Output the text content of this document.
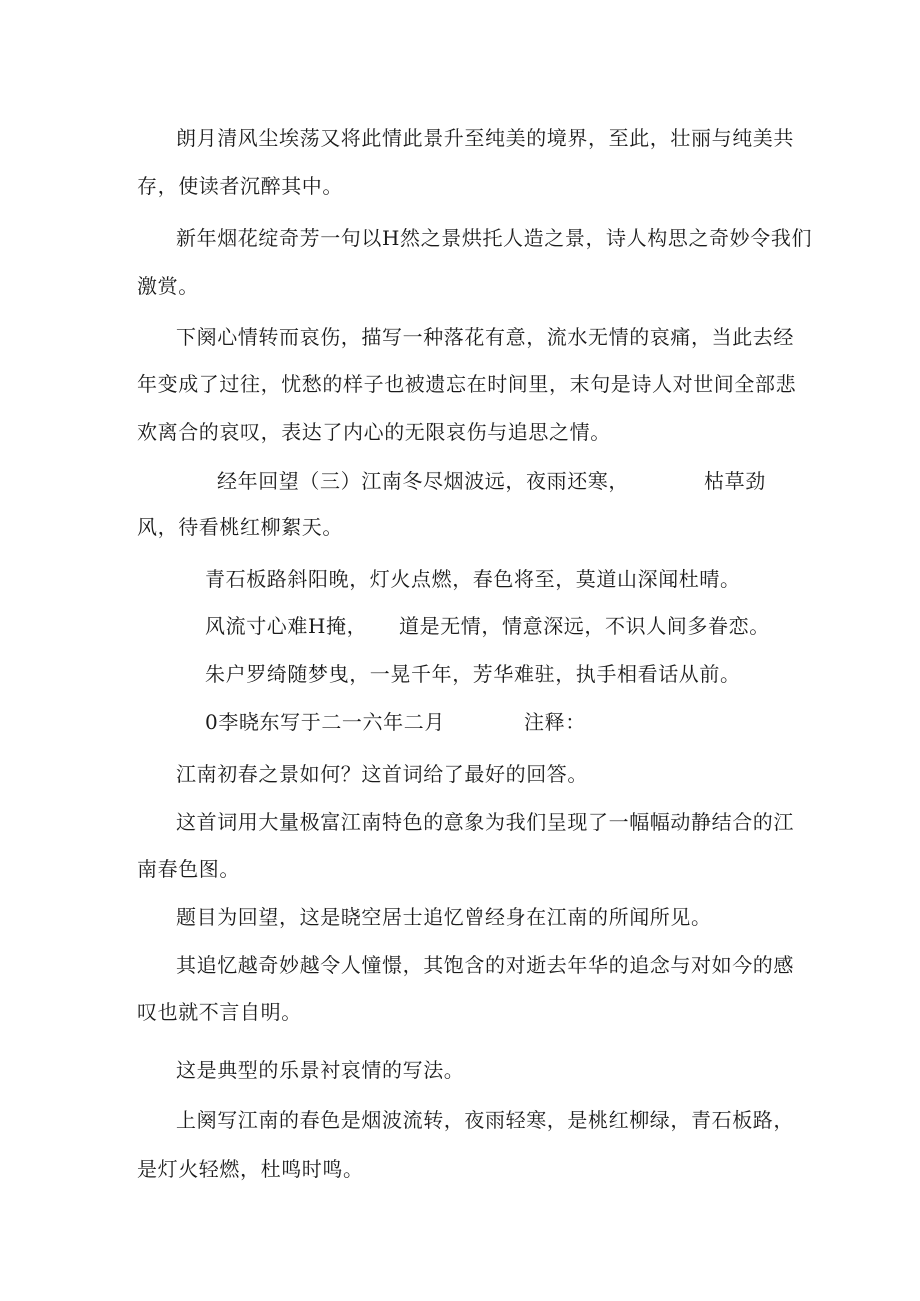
朗月清风尘埃荡又将此情此景升至纯美的境界，至此，壮丽与纯美共
存，使读者沉醉其中。
新年烟花绽奇芳一句以H然之景烘托人造之景，诗人构思之奇妙令我们
激赏。
下阕心情转而哀伤，描写一种落花有意，流水无情的哀痛，当此去经
年变成了过往，忧愁的样子也被遗忘在时间里，末句是诗人对世间全部悲
欢离合的哀叹，表达了内心的无限哀伤与追思之情。
经年回望（三）江南冬尽烟波远，夜雨还寒，	枯草劲
风，待看桃红柳絮天。
青石板路斜阳晚，灯火点燃，春色将至，莫道山深闻杜晴。
风流寸心难H掩， 道是无情，情意深远，不识人间多眷恋。
朱户罗绮随梦曳，一晃千年，芳华难驻，执手相看话从前。
0李晓东写于二一六年二月	注释：
江南初春之景如何？这首词给了最好的回答。
这首词用大量极富江南特色的意象为我们呈现了一幅幅动静结合的江
南春色图。
题目为回望，这是晓空居士追忆曾经身在江南的所闻所见。
其追忆越奇妙越令人憧憬，其饱含的对逝去年华的追念与对如今的感
叹也就不言自明。
这是典型的乐景衬哀情的写法。
上阕写江南的春色是烟波流转，夜雨轻寒，是桃红柳绿，青石板路，
是灯火轻燃，杜鸣时鸣。
